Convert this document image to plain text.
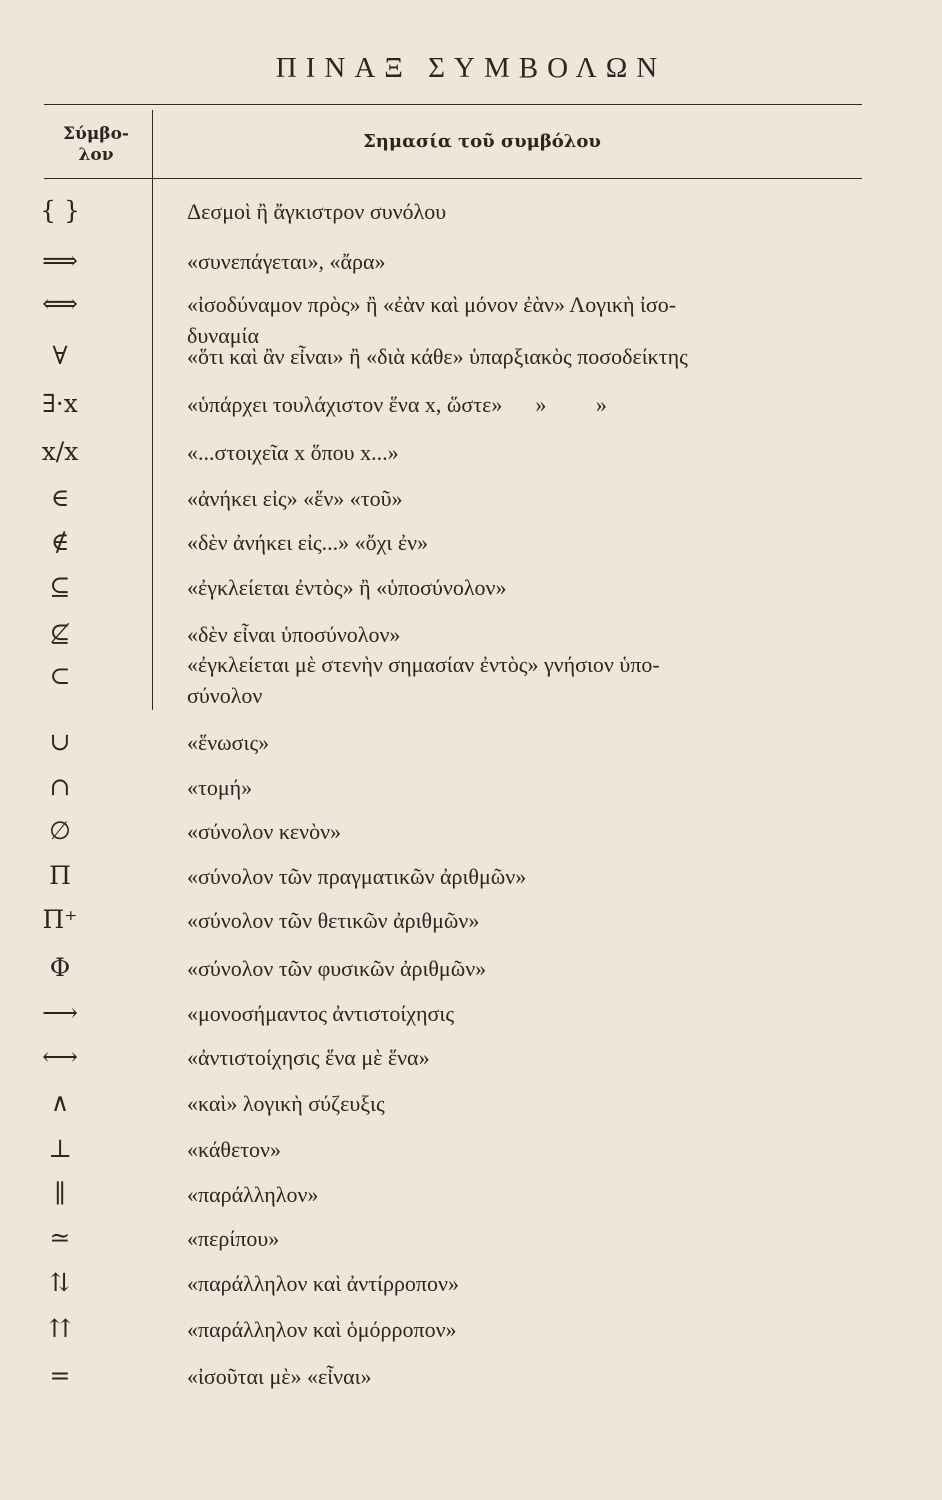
ΠΙΝΑΞ ΣΥΜΒΟΛΩΝ
Σύμβο-λον
Σημασία τοῦ συμβόλου
{ }	Δεσμοὶ ἢ ἄγκιστρον συνόλου
⟹	«συνεπάγεται», «ἄρα»
⟺	«ἰσοδύναμον πρὸς» ἢ «ἐὰν καὶ μόνον ἐὰν» Λογικὴ ἰσο-
δυναμία
∀	«ὅτι καὶ ἂν εἶναι» ἢ «διὰ κάθε» ὑπαρξιακὸς ποσοδείκτης
∃·x	«ὑπάρχει τουλάχιστον ἕνα x, ὥστε»      »         »
x/x	«...στοιχεῖα x ὅπου x...»
∈	«ἀνήκει εἰς» «ἕν» «τοῦ»
∉	«δὲν ἀνήκει εἰς...» «ὄχι ἐν»
⊆	«ἐγκλείεται ἐντὸς» ἢ «ὑποσύνολον»
⊈	«δὲν εἶναι ὑποσύνολον»
⊂	«ἐγκλείεται μὲ στενὴν σημασίαν ἐντὸς» γνήσιον ὑπο-
σύνολον
∪	«ἕνωσις»
∩	«τομή»
∅	«σύνολον κενὸν»
Π	«σύνολον τῶν πραγματικῶν ἀριθμῶν»
Π⁺	«σύνολον τῶν θετικῶν ἀριθμῶν»
Φ	«σύνολον τῶν φυσικῶν ἀριθμῶν»
⟶	«μονοσήμαντος ἀντιστοίχησις
⟷	«ἀντιστοίχησις ἕνα μὲ ἕνα»
∧	«καὶ» λογικὴ σύζευξις
⊥	«κάθετον»
∥	«παράλληλον»
≃	«περίπου»
⇅	«παράλληλον καὶ ἀντίρροπον»
⇈	«παράλληλον καὶ ὁμόρροπον»
=	«ἰσοῦται μὲ» «εἶναι»
